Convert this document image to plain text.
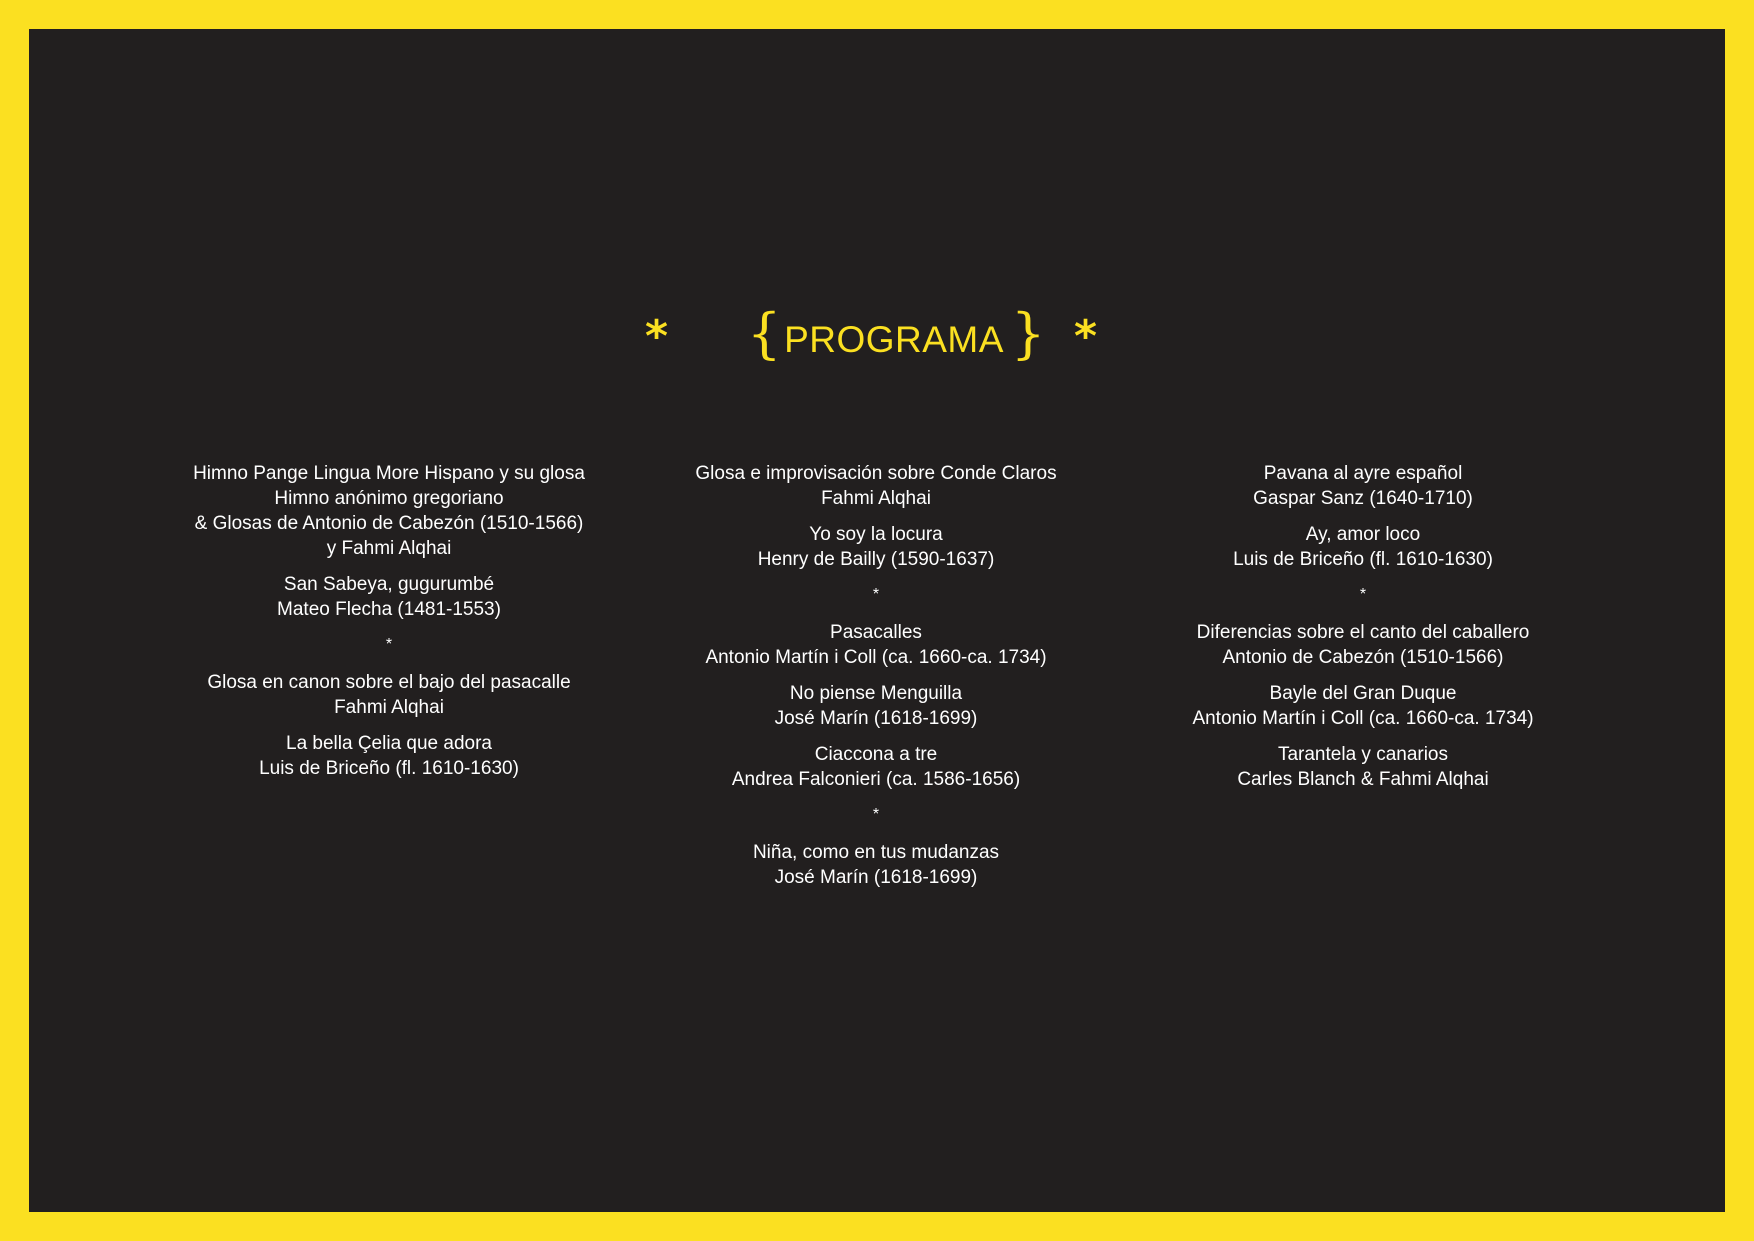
* { PROGRAMA } *
Himno Pange Lingua More Hispano y su glosa
Himno anónimo gregoriano
& Glosas de Antonio de Cabezón (1510-1566)
y Fahmi Alqhai
San Sabeya, gugurumbé
Mateo Flecha (1481-1553)
*
Glosa en canon sobre el bajo del pasacalle
Fahmi Alqhai
La bella Çelia que adora
Luis de Briceño (fl. 1610-1630)
Glosa e improvisación sobre Conde Claros
Fahmi Alqhai
Yo soy la locura
Henry de Bailly (1590-1637)
*
Pasacalles
Antonio Martín i Coll (ca. 1660-ca. 1734)
No piense Menguilla
José Marín (1618-1699)
Ciaccona a tre
Andrea Falconieri (ca. 1586-1656)
*
Niña, como en tus mudanzas
José Marín (1618-1699)
Pavana al ayre español
Gaspar Sanz (1640-1710)
Ay, amor loco
Luis de Briceño (fl. 1610-1630)
*
Diferencias sobre el canto del caballero
Antonio de Cabezón (1510-1566)
Bayle del Gran Duque
Antonio Martín i Coll (ca. 1660-ca. 1734)
Tarantela y canarios
Carles Blanch & Fahmi Alqhai
